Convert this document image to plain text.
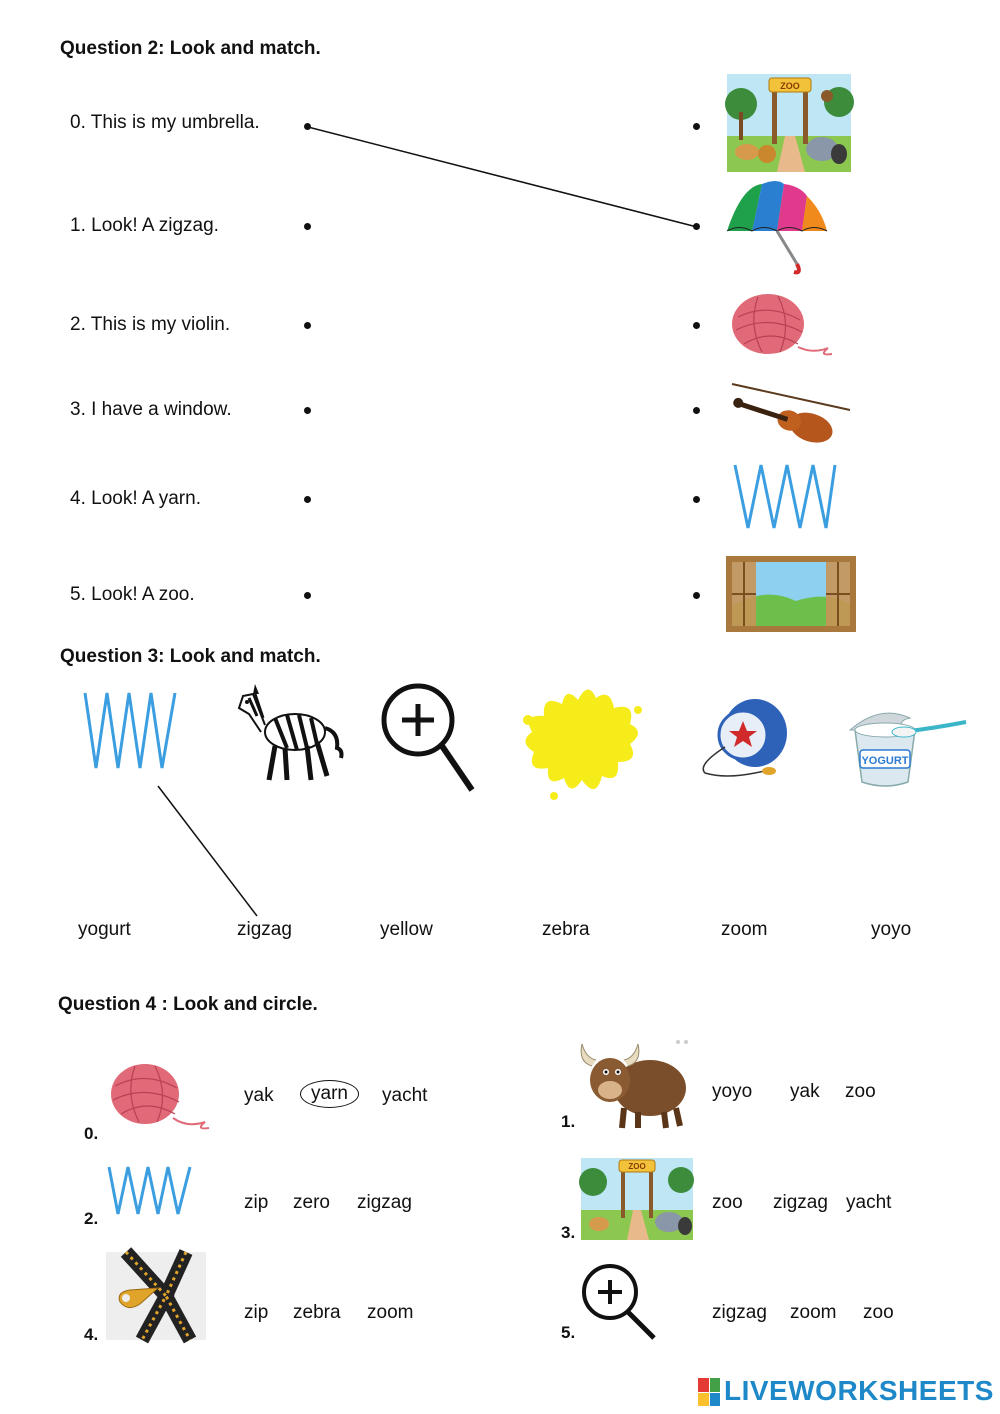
Question 2: Look and match.
0. This is my umbrella.
1. Look! A zigzag.
2. This is my violin.
3. I have a window.
4. Look! A yarn.
5. Look! A zoo.
ZOO
Question 3: Look and match.
YOGURT
yogurt	zigzag	yellow	zebra	zoom	yoyo
Question 4 : Look and circle.
0.
yak	yarn	yacht
1.
yoyo yak zoo
2.
zip zero zigzag
3.
ZOO
zoo zigzag yacht
4.
zip zebra zoom
5.
zigzag zoom zoo
LIVEWORKSHEETS
